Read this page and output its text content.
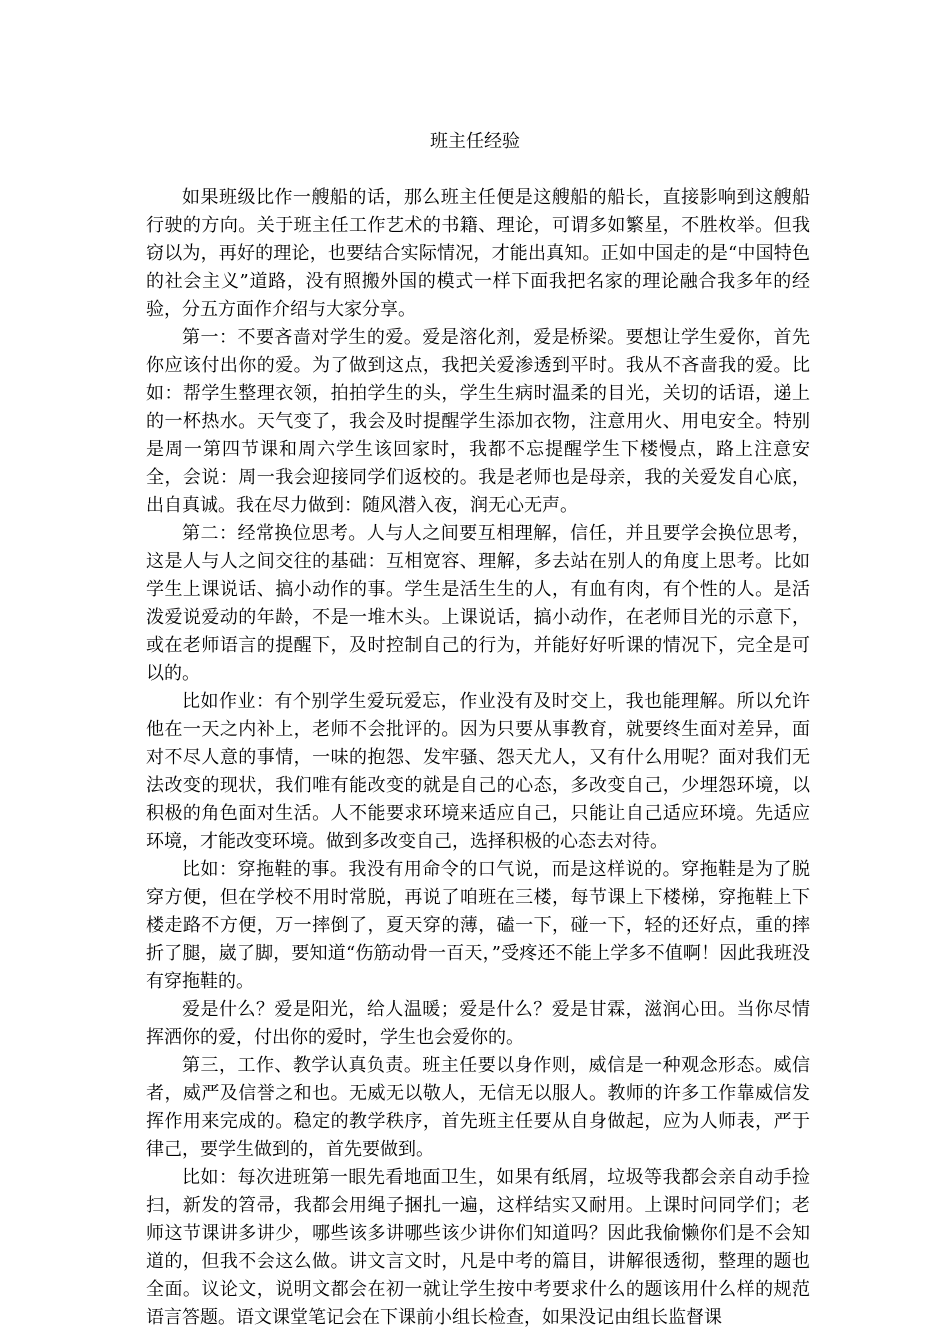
班主任经验

如果班级比作一艘船的话，那么班主任便是这艘船的船长，直接影响到这艘船行驶的方向。关于班主任工作艺术的书籍、理论，可谓多如繁星，不胜枚举。但我窃以为，再好的理论，也要结合实际情况，才能出真知。正如中国走的是“中国特色的社会主义”道路，没有照搬外国的模式一样下面我把名家的理论融合我多年的经验，分五方面作介绍与大家分享。

第一：不要吝啬对学生的爱。爱是溶化剂，爱是桥梁。要想让学生爱你，首先你应该付出你的爱。为了做到这点，我把关爱渗透到平时。我从不吝啬我的爱。比如：帮学生整理衣领，拍拍学生的头，学生生病时温柔的目光，关切的话语，递上的一杯热水。天气变了，我会及时提醒学生添加衣物，注意用火、用电安全。特别是周一第四节课和周六学生该回家时，我都不忘提醒学生下楼慢点，路上注意安全，会说：周一我会迎接同学们返校的。我是老师也是母亲，我的关爱发自心底，出自真诚。我在尽力做到：随风潜入夜，润无心无声。

第二：经常换位思考。人与人之间要互相理解，信任，并且要学会换位思考，这是人与人之间交往的基础：互相宽容、理解，多去站在别人的角度上思考。比如学生上课说话、搞小动作的事。学生是活生生的人，有血有肉，有个性的人。是活泼爱说爱动的年龄，不是一堆木头。上课说话，搞小动作，在老师目光的示意下，或在老师语言的提醒下，及时控制自己的行为，并能好好听课的情况下，完全是可以的。

比如作业：有个别学生爱玩爱忘，作业没有及时交上，我也能理解。所以允许他在一天之内补上，老师不会批评的。因为只要从事教育，就要终生面对差异，面对不尽人意的事情，一味的抱怨、发牢骚、怨天尤人，又有什么用呢？面对我们无法改变的现状，我们唯有能改变的就是自己的心态，多改变自己，少埋怨环境，以积极的角色面对生活。人不能要求环境来适应自己，只能让自己适应环境。先适应环境，才能改变环境。做到多改变自己，选择积极的心态去对待。

比如：穿拖鞋的事。我没有用命令的口气说，而是这样说的。穿拖鞋是为了脱穿方便，但在学校不用时常脱，再说了咱班在三楼，每节课上下楼梯，穿拖鞋上下楼走路不方便，万一摔倒了，夏天穿的薄，磕一下，碰一下，轻的还好点，重的摔折了腿，崴了脚，要知道“伤筋动骨一百天，”受疼还不能上学多不值啊！因此我班没有穿拖鞋的。

爱是什么？爱是阳光，给人温暖；爱是什么？爱是甘霖，滋润心田。当你尽情挥洒你的爱，付出你的爱时，学生也会爱你的。

第三，工作、教学认真负责。班主任要以身作则，威信是一种观念形态。威信者，威严及信誉之和也。无威无以敬人，无信无以服人。教师的许多工作靠威信发挥作用来完成的。稳定的教学秩序，首先班主任要从自身做起，应为人师表，严于律己，要学生做到的，首先要做到。

比如：每次进班第一眼先看地面卫生，如果有纸屑，垃圾等我都会亲自动手捡扫，新发的笤帚，我都会用绳子捆扎一遍，这样结实又耐用。上课时问同学们；老师这节课讲多讲少，哪些该多讲哪些该少讲你们知道吗？因此我偷懒你们是不会知道的，但我不会这么做。讲文言文时，凡是中考的篇目，讲解很透彻，整理的题也全面。议论文，说明文都会在初一就让学生按中考要求什么的题该用什么样的规范语言答题。语文课堂笔记会在下课前小组长检查，如果没记由组长监督课
